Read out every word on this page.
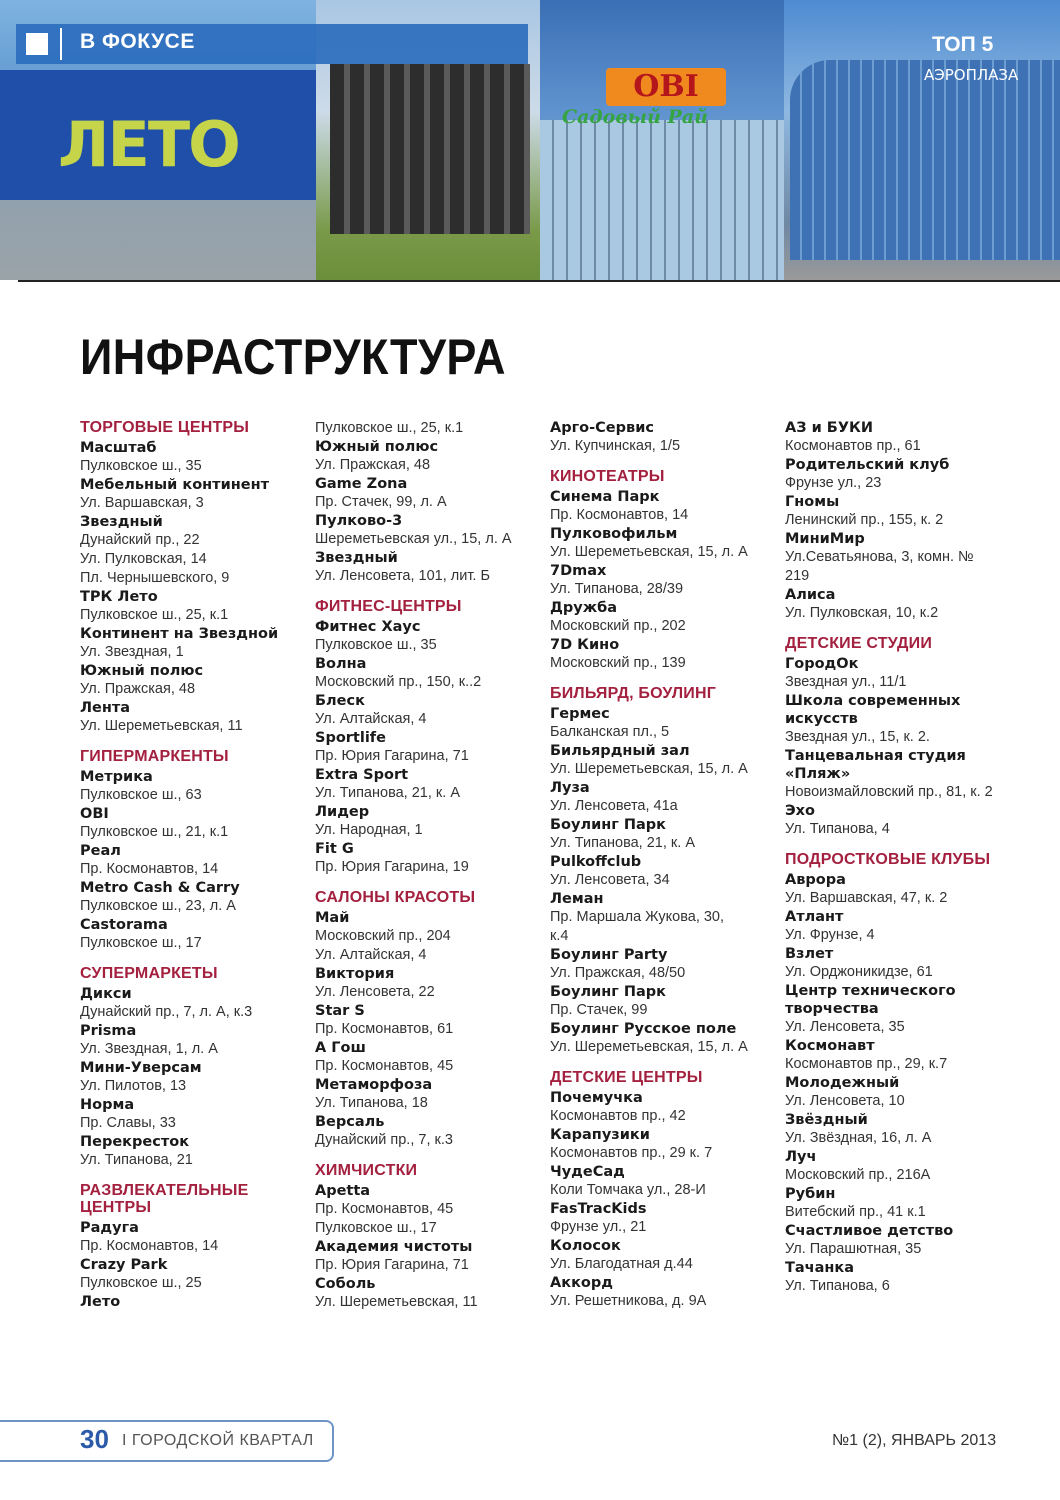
ЛЕТО
OBI
Садовый Рай
АЭРОПЛАЗА
В ФОКУСЕ	ТОП 5
ИНФРАСТРУКТУРА
ТОРГОВЫЕ ЦЕНТРЫ
Масштаб
Пулковское ш., 35
Мебельный континент
Ул. Варшавская, 3
Звездный
Дунайский пр., 22
Ул. Пулковская, 14
Пл. Чернышевского, 9
ТРК Лето
Пулковское ш., 25, к.1
Континент на Звездной
Ул. Звездная, 1
Южный полюс
Ул. Пражская, 48
Лента
Ул. Шереметьевская, 11
ГИПЕРМАРКЕНТЫ
Метрика
Пулковское ш., 63
OBI
Пулковское ш., 21, к.1
Реал
Пр. Космонавтов, 14
Metro Cash & Carry
Пулковское ш., 23, л. А
Castorama
Пулковское ш., 17
СУПЕРМАРКЕТЫ
Дикси
Дунайский пр., 7, л. А, к.3
Prisma
Ул. Звездная, 1, л. А
Мини-Уверсам
Ул. Пилотов, 13
Норма
Пр. Славы, 33
Перекресток
Ул. Типанова, 21
РАЗВЛЕКАТЕЛЬНЫЕ ЦЕНТРЫ
Радуга
Пр. Космонавтов, 14
Crazy Park
Пулковское ш., 25
Лето
Пулковское ш., 25, к.1
Южный полюс
Ул. Пражская, 48
Game Zona
Пр. Стачек, 99, л. А
Пулково-3
Шереметьевская ул., 15, л. А
Звездный
Ул. Ленсовета, 101, лит. Б
ФИТНЕС-ЦЕНТРЫ
Фитнес Хаус
Пулковское ш., 35
Волна
Московский пр., 150, к..2
Блеск
Ул. Алтайская, 4
Sportlife
Пр. Юрия Гагарина, 71
Extra Sport
Ул. Типанова, 21, к. А
Лидер
Ул. Народная, 1
Fit G
Пр. Юрия Гагарина, 19
САЛОНЫ КРАСОТЫ
Май
Московский пр., 204
Ул. Алтайская, 4
Виктория
Ул. Ленсовета, 22
Star S
Пр. Космонавтов, 61
А Гош
Пр. Космонавтов, 45
Метаморфоза
Ул. Типанова, 18
Версаль
Дунайский пр., 7, к.3
ХИМЧИСТКИ
Apetta
Пр. Космонавтов, 45
Пулковское ш., 17
Академия чистоты
Пр. Юрия Гагарина, 71
Соболь
Ул. Шереметьевская, 11
Арго-Сервис
Ул. Купчинская, 1/5
КИНОТЕАТРЫ
Синема Парк
Пр. Космонавтов, 14
Пулковофильм
Ул. Шереметьевская, 15, л. А
7Dmax
Ул. Типанова, 28/39
Дружба
Московский пр., 202
7D Кино
Московский пр., 139
БИЛЬЯРД, БОУЛИНГ
Гермес
Балканская пл., 5
Бильярдный зал
Ул. Шереметьевская, 15, л. А
Луза
Ул. Ленсовета, 41а
Боулинг Парк
Ул. Типанова, 21, к. А
Pulkoffclub
Ул. Ленсовета, 34
Леман
Пр. Маршала Жукова, 30,
к.4
Боулинг Party
Ул. Пражская, 48/50
Боулинг Парк
Пр. Стачек, 99
Боулинг Русское поле
Ул. Шереметьевская, 15, л. А
ДЕТСКИЕ ЦЕНТРЫ
Почемучка
Космонавтов пр., 42
Карапузики
Космонавтов пр., 29 к. 7
ЧудеСад
Коли Томчака ул., 28-И
FasTracKids
Фрунзе ул., 21
Колосок
Ул. Благодатная д.44
Аккорд
Ул. Решетникова, д. 9А
АЗ и БУКИ
Космонавтов пр., 61
Родительский клуб
Фрунзе ул., 23
Гномы
Ленинский пр., 155, к. 2
МиниМир
Ул.Севатьянова, 3, комн. №
219
Алиса
Ул. Пулковская, 10, к.2
ДЕТСКИЕ СТУДИИ
ГородОк
Звездная ул., 11/1
Школа современных искусств
Звездная ул., 15, к. 2.
Танцевальная студия «Пляж»
Новоизмайловский пр., 81, к. 2
Эхо
Ул. Типанова, 4
ПОДРОСТКОВЫЕ КЛУБЫ
Аврора
Ул. Варшавская, 47, к. 2
Атлант
Ул. Фрунзе, 4
Взлет
Ул. Орджоникидзе, 61
Центр технического творчества
Ул. Ленсовета, 35
Космонавт
Космонавтов пр., 29, к.7
Молодежный
Ул. Ленсовета, 10
Звёздный
Ул. Звёздная, 16, л. А
Луч
Московский пр., 216А
Рубин
Витебский пр., 41 к.1
Счастливое детство
Ул. Парашютная, 35
Тачанка
Ул. Типанова, 6
30 I ГОРОДСКОЙ КВАРТАЛ	№1 (2), ЯНВАРЬ 2013
